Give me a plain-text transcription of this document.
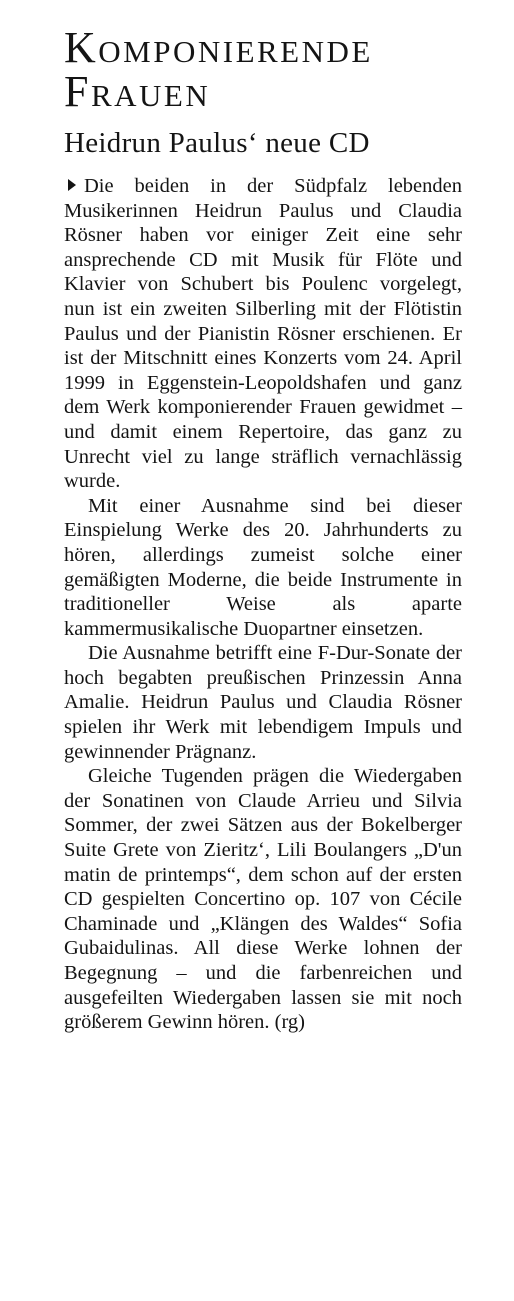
Komponierende
Frauen
Heidrun Paulus‘ neue CD

Die beiden in der Südpfalz lebenden Musikerinnen Heidrun Paulus und Claudia Rösner haben vor einiger Zeit eine sehr ansprechende CD mit Musik für Flöte und Klavier von Schubert bis Poulenc vorgelegt, nun ist ein zweiten Silberling mit der Flötistin Paulus und der Pianistin Rösner erschienen. Er ist der Mitschnitt eines Konzerts vom 24. April 1999 in Eggenstein-Leopoldshafen und ganz dem Werk komponierender Frauen gewidmet – und damit einem Repertoire, das ganz zu Unrecht viel zu lange sträflich vernachlässig wurde.

Mit einer Ausnahme sind bei dieser Einspielung Werke des 20. Jahrhunderts zu hören, allerdings zumeist solche einer gemäßigten Moderne, die beide Instrumente in traditioneller Weise als aparte kammermusikalische Duopartner einsetzen.

Die Ausnahme betrifft eine F-Dur-Sonate der hoch begabten preußischen Prinzessin Anna Amalie. Heidrun Paulus und Claudia Rösner spielen ihr Werk mit lebendigem Impuls und gewinnender Prägnanz.

Gleiche Tugenden prägen die Wiedergaben der Sonatinen von Claude Arrieu und Silvia Sommer, der zwei Sätzen aus der Bokelberger Suite Grete von Zieritz‘, Lili Boulangers „D'un matin de printemps“, dem schon auf der ersten CD gespielten Concertino op. 107 von Cécile Chaminade und „Klängen des Waldes“ Sofia Gubaidulinas. All diese Werke lohnen der Begegnung – und die farbenreichen und ausgefeilten Wiedergaben lassen sie mit noch größerem Gewinn hören. (rg)
